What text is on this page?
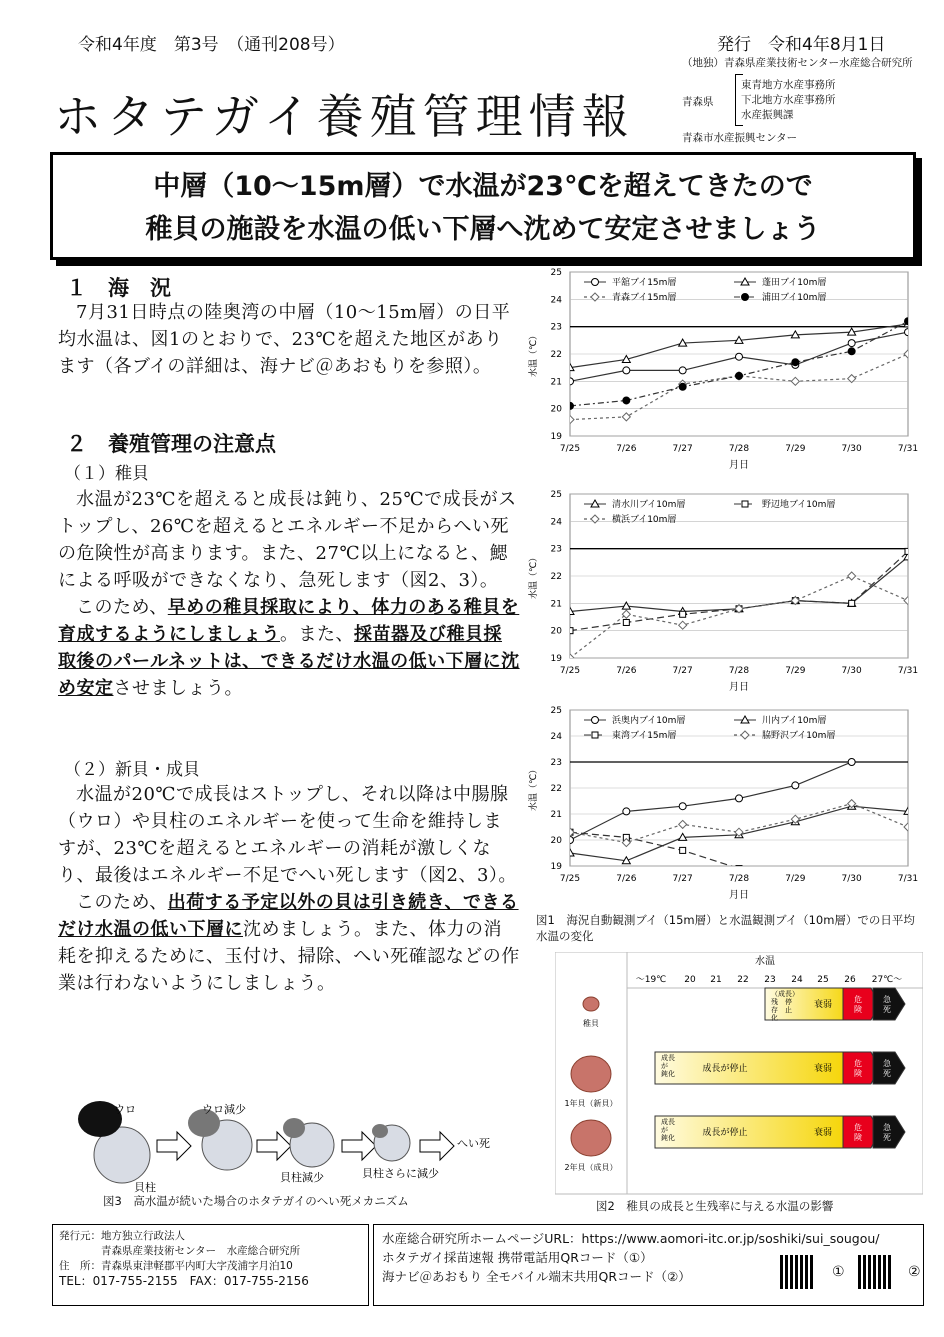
令和4年度　第3号　（通刊208号）	発行　令和4年8月1日
（地独）青森県産業技術センター水産総合研究所
ホタテガイ養殖管理情報	青森県
東青地方水産事務所
下北地方水産事務所
水産振興課
青森市水産振興センター
中層（10～15m層）で水温が23℃を超えてきたので
稚貝の施設を水温の低い下層へ沈めて安定させましょう
１　海　況

7月31日時点の陸奥湾の中層（10～15m層）の日平均水温は、図1のとおりで、23℃を超えた地区があります（各ブイの詳細は、海ナビ＠あおもりを参照）。

２　養殖管理の注意点
（１）稚貝

水温が23℃を超えると成長は鈍り、25℃で成長がストップし、26℃を超えるとエネルギー不足からへい死の危険性が高まります。また、27℃以上になると、鰓による呼吸ができなくなり、急死します（図2、3）。

このため、早めの稚貝採取により、体力のある稚貝を育成するようにしましょう。また、採苗器及び稚貝採取後のパールネットは、できるだけ水温の低い下層に沈め安定させましょう。

（２）新貝・成貝

水温が20℃で成長はストップし、それ以降は中腸腺（ウロ）や貝柱のエネルギーを使って生命を維持しますが、23℃を超えるとエネルギーの消耗が激しくなり、最後はエネルギー不足でへい死します（図2、3）。

このため、出荷する予定以外の貝は引き続き、できるだけ水温の低い下層に沈めましょう。また、体力の消耗を抑えるために、玉付け、掃除、へい死確認などの作業は行わないようにしましょう。

ウロ	ウロ減少
貝柱
貝柱減少	貝柱さらに減少
へい死
図3　高水温が続いた場合のホタテガイのへい死メカニズム
19
20
21
22
23
24
25
7/25	7/26	7/27	7/28	7/29	7/30	7/31
月日
水温（℃）
平舘ブイ15m層	蓬田ブイ10m層
青森ブイ15m層	浦田ブイ10m層
19
20
21
22
23
24
25
7/25	7/26	7/27	7/28	7/29	7/30	7/31
月日
水温（℃）
清水川ブイ10m層	野辺地ブイ10m層
横浜ブイ10m層
19
20
21
22
23
24
25
7/25	7/26	7/27	7/28	7/29	7/30	7/31
月日
水温（℃）
浜奥内ブイ10m層	川内ブイ10m層
東湾ブイ15m層	脇野沢ブイ10m層
図1　海況自動観測ブイ（15m層）と水温観測ブイ（10m層）での日平均水温の変化
水温
～19℃ 20 21 22 23 24 25 26 27℃～
稚貝
（成長）
残　停
存　止
化
衰弱
危
険
急
死
1年貝（新貝）
成長
が
鈍化	成長が停止	衰弱
危
険
急
死
2年貝（成貝）
成長
が
鈍化	成長が停止	衰弱
危
険
急
死
図2　稚貝の成長と生残率に与える水温の影響
発行元：地方独立行政法人
　　　　青森県産業技術センター　水産総合研究所
住　所：青森県東津軽郡平内町大字茂浦字月泊10
TEL：017-755-2155　FAX：017-755-2156
水産総合研究所ホームページURL：https://www.aomori-itc.or.jp/soshiki/sui_sougou/
ホタテガイ採苗速報 携帯電話用QRコード（①）
海ナビ＠あおもり 全モバイル端末共用QRコード（②）	①	②
